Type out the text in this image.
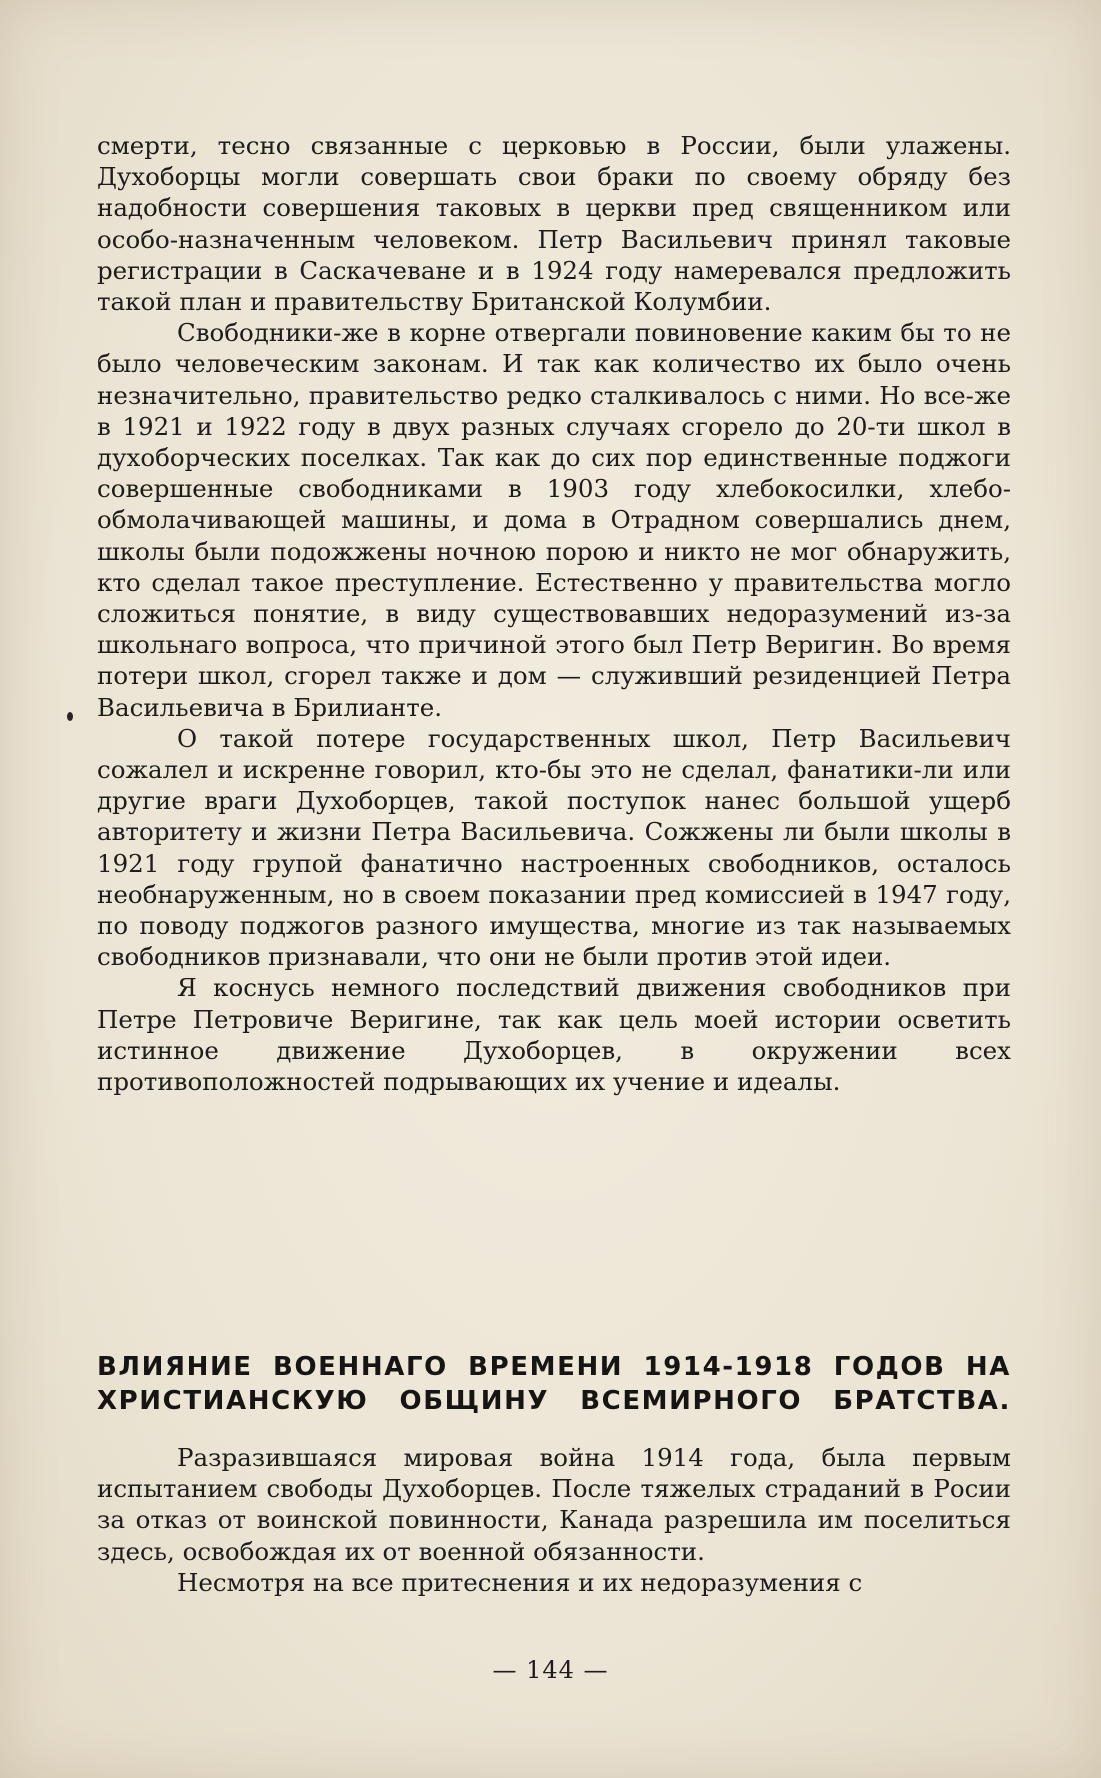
смерти, тесно связанные с церковью в России, были улажены. Духоборцы могли совершать свои браки по своему обряду без надобности совершения таковых в церкви пред священником или особо-назначенным человеком. Петр Васильевич принял таковые регистрации в Саскачеване и в 1924 году намеревался предложить такой план и правительству Британской Колумбии.

Свободники-же в корне отвергали повиновение каким бы то не было человеческим законам. И так как количество их было очень незначительно, правительство редко сталкивалось с ними. Но все-же в 1921 и 1922 году в двух разных случаях сгорело до 20-ти школ в духоборческих поселках. Так как до сих пор единственные поджоги совершенные свободниками в 1903 году хлебокосилки, хлебо-обмолачивающей машины, и дома в Отрадном совершались днем, школы были подожжены ночною порою и никто не мог обнаружить, кто сделал такое преступление. Естественно у правительства могло сложиться понятие, в виду существовавших недоразумений из-за школьнаго вопроса, что причиной этого был Петр Веригин. Во время потери школ, сгорел также и дом — служивший резиденцией Петра Васильевича в Брилианте.

О такой потере государственных школ, Петр Васильевич сожалел и искренне говорил, кто-бы это не сделал, фанатики-ли или другие враги Духоборцев, такой поступок нанес большой ущерб авторитету и жизни Петра Васильевича. Сожжены ли были школы в 1921 году групой фанатично настроенных свободников, осталось необнаруженным, но в своем показании пред комиссией в 1947 году, по поводу поджогов разного имущества, многие из так называемых свободников признавали, что они не были против этой идеи.

Я коснусь немного последствий движения свободников при Петре Петровиче Веригине, так как цель моей истории осветить истинное движение Духоборцев, в окружении всех противоположностей подрывающих их учение и идеалы.

ВЛИЯНИЕ ВОЕННАГО ВРЕМЕНИ 1914-1918 ГОДОВ НА
ХРИСТИАНСКУЮ ОБЩИНУ ВСЕМИРНОГО БРАТСТВА.

Разразившаяся мировая война 1914 года, была первым испытанием свободы Духоборцев. После тяжелых страданий в Росии за отказ от воинской повинности, Канада разрешила им поселиться здесь, освобождая их от военной обязанности.

Несмотря на все притеснения и их недоразумения с

— 144 —
